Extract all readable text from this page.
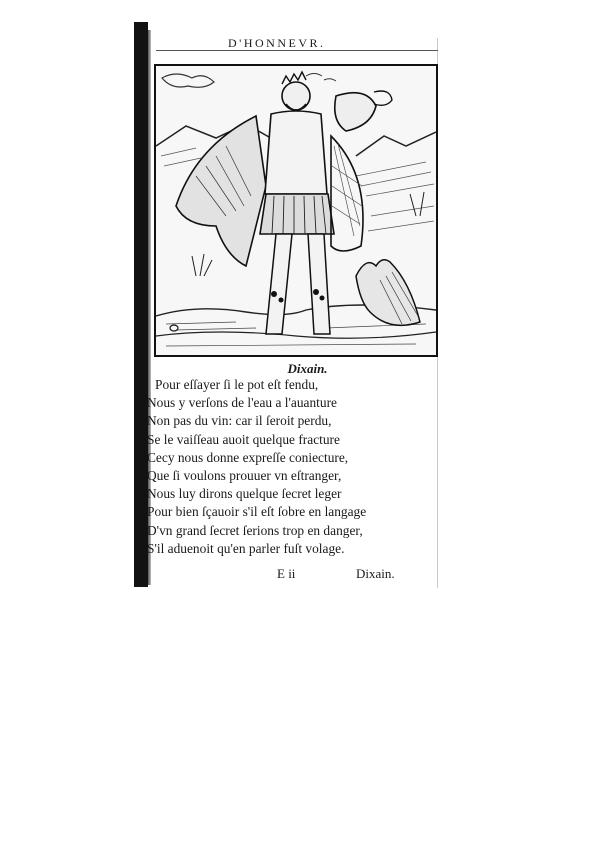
D'HONNEVR.
Dixain.
Pour eſſayer ſi le pot eſt fendu,
Nous y verſons de l'eau a l'auanture
Non pas du vin: car il ſeroit perdu,
Se le vaiſſeau auoit quelque fracture
Cecy nous donne expreſſe coniecture,
Que ſi voulons prouuer vn eſtranger,
Nous luy dirons quelque ſecret leger
Pour bien ſçauoir s'il eſt ſobre en langage
D'vn grand ſecret ſerions trop en danger,
S'il aduenoit qu'en parler fuſt volage.
E ii	Dixain.
